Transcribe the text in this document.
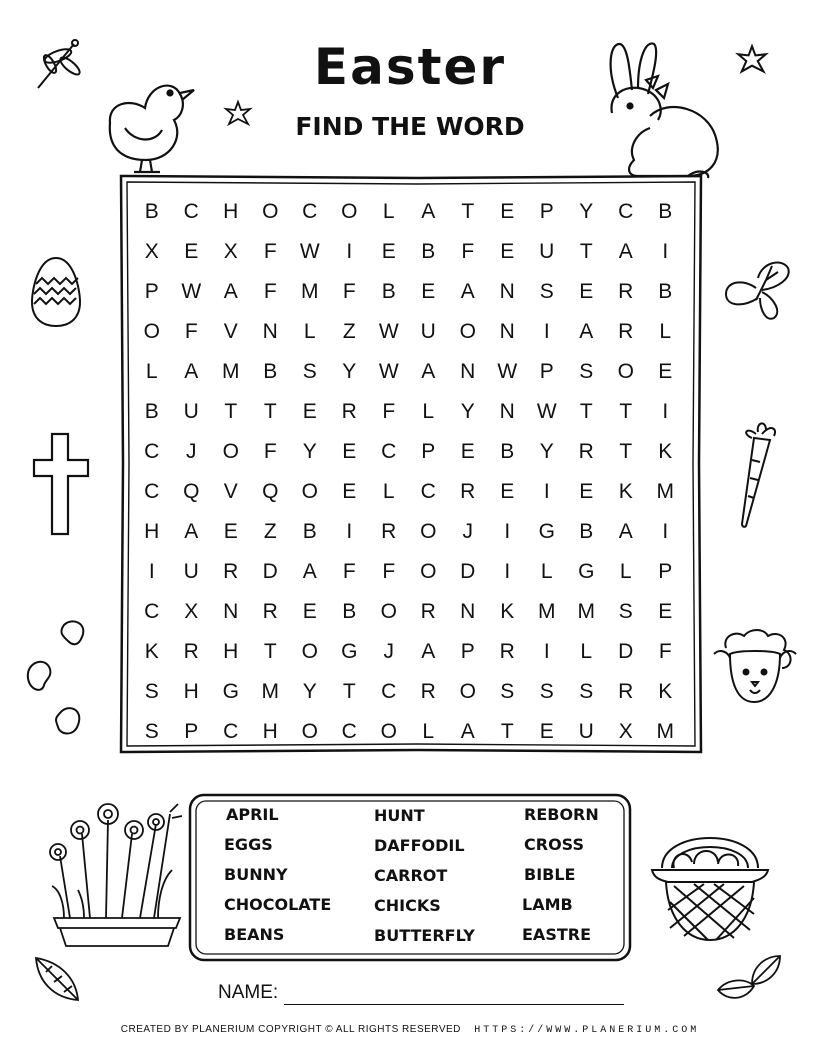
Easter
FIND THE WORD
B	C	H	O	C	O	L	A	T	E	P	Y	C	B
X	E	X	F	W	I	E	B	F	E	U	T	A	I
P	W	A	F	M	F	B	E	A	N	S	E	R	B
O	F	V	N	L	Z	W	U	O	N	I	A	R	L
L	A	M	B	S	Y	W	A	N	W	P	S	O	E
B	U	T	T	E	R	F	L	Y	N	W	T	T	I
C	J	O	F	Y	E	C	P	E	B	Y	R	T	K
C	Q	V	Q	O	E	L	C	R	E	I	E	K	M
H	A	E	Z	B	I	R	O	J	I	G	B	A	I
I	U	R	D	A	F	F	O	D	I	L	G	L	P
C	X	N	R	E	B	O	R	N	K	M	M	S	E
K	R	H	T	O	G	J	A	P	R	I	L	D	F
S	H	G	M	Y	T	C	R	O	S	S	S	R	K
S	P	C	H	O	C	O	L	A	T	E	U	X	M
APRIL
EGGS
BUNNY
CHOCOLATE
BEANS
HUNT
DAFFODIL
CARROT
CHICKS
BUTTERFLY
REBORN
CROSS
BIBLE
LAMB
EASTRE
NAME:
CREATED BY PLANERIUM COPYRIGHT © ALL RIGHTS RESERVED HTTPS://WWW.PLANERIUM.COM
